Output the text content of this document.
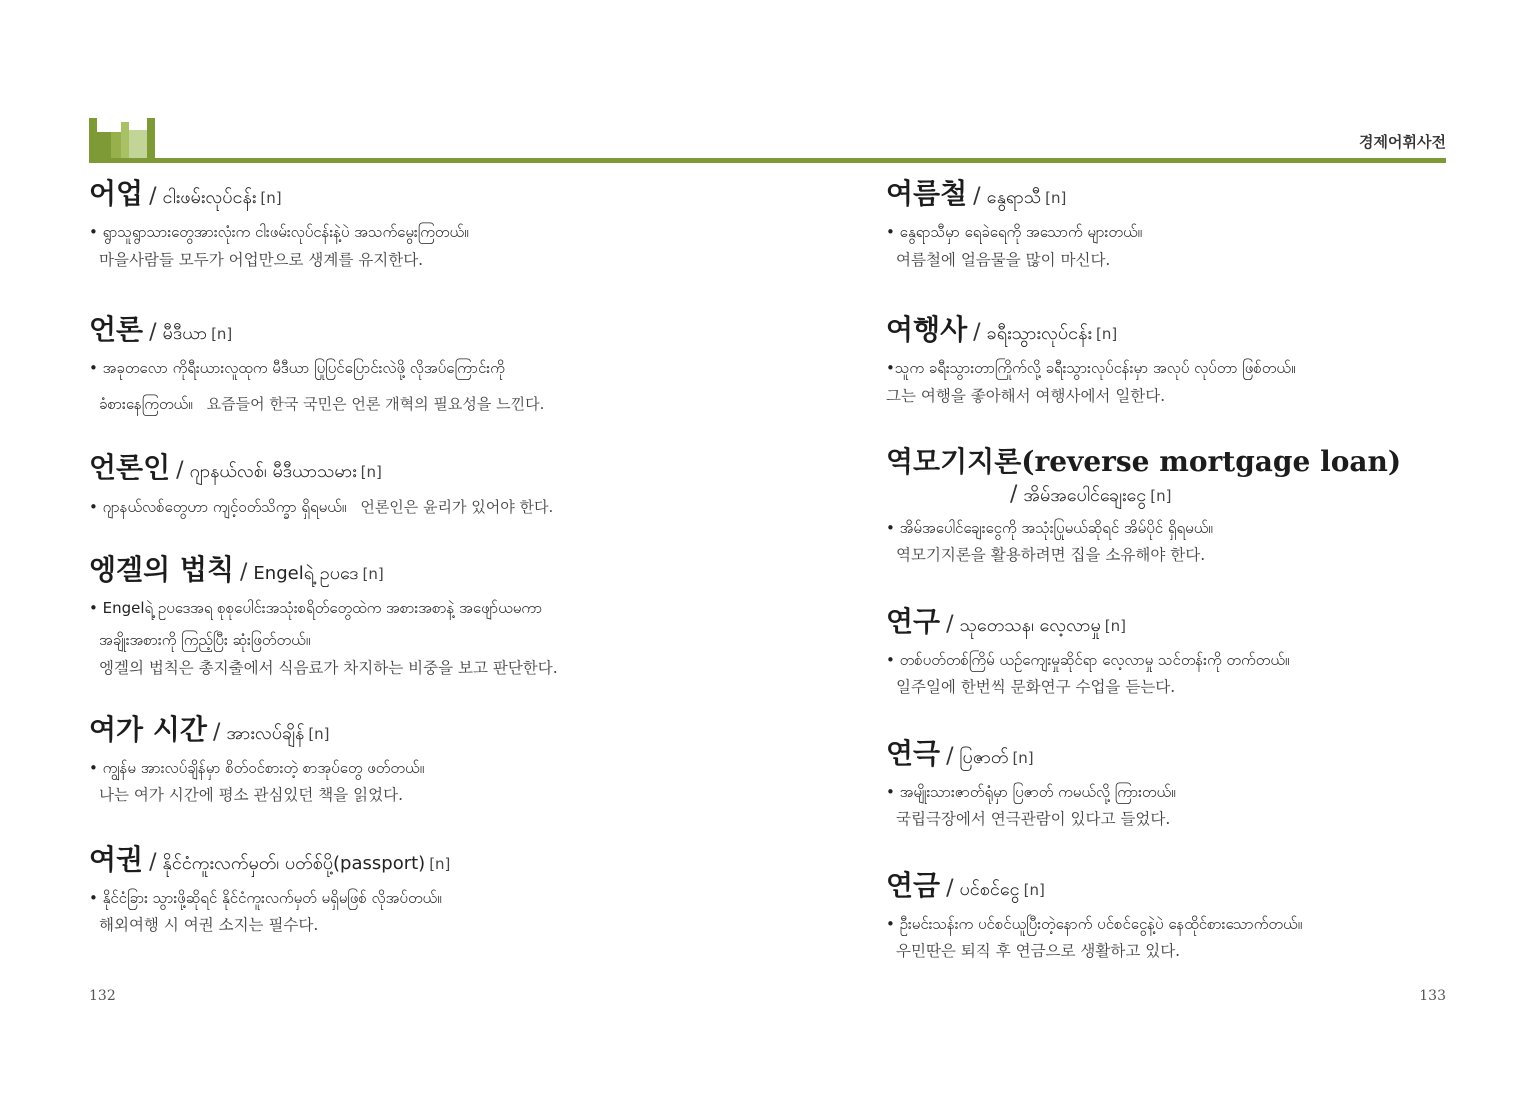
경제어휘사전
어업 / ငါးဖမ်းလုပ်ငန်း [n]
• ရွာသူရွာသားတွေအားလုံးက ငါးဖမ်းလုပ်ငန်းနဲ့ပဲ အသက်မွေးကြတယ်။
마을사람들 모두가 어업만으로 생계를 유지한다.
언론 / မီဒီယာ [n]
• အခုတလော ကိုရီးယားလူထုက မီဒီယာ ပြုပြင်ပြောင်းလဲဖို့ လိုအပ်ကြောင်းကို
ခံစားနေကြတယ်။ 요즘들어 한국 국민은 언론 개혁의 필요성을 느낀다.
언론인 / ဂျာနယ်လစ်၊ မီဒီယာသမား [n]
• ဂျာနယ်လစ်တွေဟာ ကျင့်ဝတ်သိက္ခာ ရှိရမယ်။ 언론인은 윤리가 있어야 한다.
엥겔의 법칙 / Engelရဲ့ ဥပဒေ [n]
• Engelရဲ့ ဥပဒေအရ စုစုပေါင်းအသုံးစရိတ်တွေထဲက အစားအစာနဲ့ အဖျော်ယမကာ
အချိုးအစားကို ကြည့်ပြီး ဆုံးဖြတ်တယ်။
엥겔의 법칙은 총지출에서 식음료가 차지하는 비중을 보고 판단한다.
여가 시간 / အားလပ်ချိန် [n]
• ကျွန်မ အားလပ်ချိန်မှာ စိတ်ဝင်စားတဲ့ စာအုပ်တွေ ဖတ်တယ်။
나는 여가 시간에 평소 관심있던 책을 읽었다.
여권 / နိုင်ငံကူးလက်မှတ်၊ ပတ်စ်ပို့(passport) [n]
• နိုင်ငံခြား သွားဖို့ဆိုရင် နိုင်ငံကူးလက်မှတ် မရှိမဖြစ် လိုအပ်တယ်။
해외여행 시 여권 소지는 필수다.
여름철 / နွေရာသီ [n]
• နွေရာသီမှာ ရေခဲရေကို အသောက် များတယ်။
여름철에 얼음물을 많이 마신다.
여행사 / ခရီးသွားလုပ်ငန်း [n]
•သူက ခရီးသွားတာကြိုက်လို့ ခရီးသွားလုပ်ငန်းမှာ အလုပ် လုပ်တာ ဖြစ်တယ်။
그는 여행을 좋아해서 여행사에서 일한다.
역모기지론(reverse mortgage loan)
/ အိမ်အပေါင်ချေးငွေ [n]
• အိမ်အပေါင်ချေးငွေကို အသုံးပြုမယ်ဆိုရင် အိမ်ပိုင် ရှိရမယ်။
역모기지론을 활용하려면 집을 소유해야 한다.
연구 / သုတေသန၊ လေ့လာမှု [n]
• တစ်ပတ်တစ်ကြိမ် ယဉ်ကျေးမှုဆိုင်ရာ လေ့လာမှု သင်တန်းကို တက်တယ်။
일주일에 한번씩 문화연구 수업을 듣는다.
연극 / ပြဇာတ် [n]
• အမျိုးသားဇာတ်ရုံမှာ ပြဇာတ် ကမယ်လို့ ကြားတယ်။
국립극장에서 연극관람이 있다고 들었다.
연금 / ပင်စင်ငွေ [n]
• ဦးမင်းသန်းက ပင်စင်ယူပြီးတဲ့နောက် ပင်စင်ငွေနဲ့ပဲ နေထိုင်စားသောက်တယ်။
우민딴은 퇴직 후 연금으로 생활하고 있다.
132	133
